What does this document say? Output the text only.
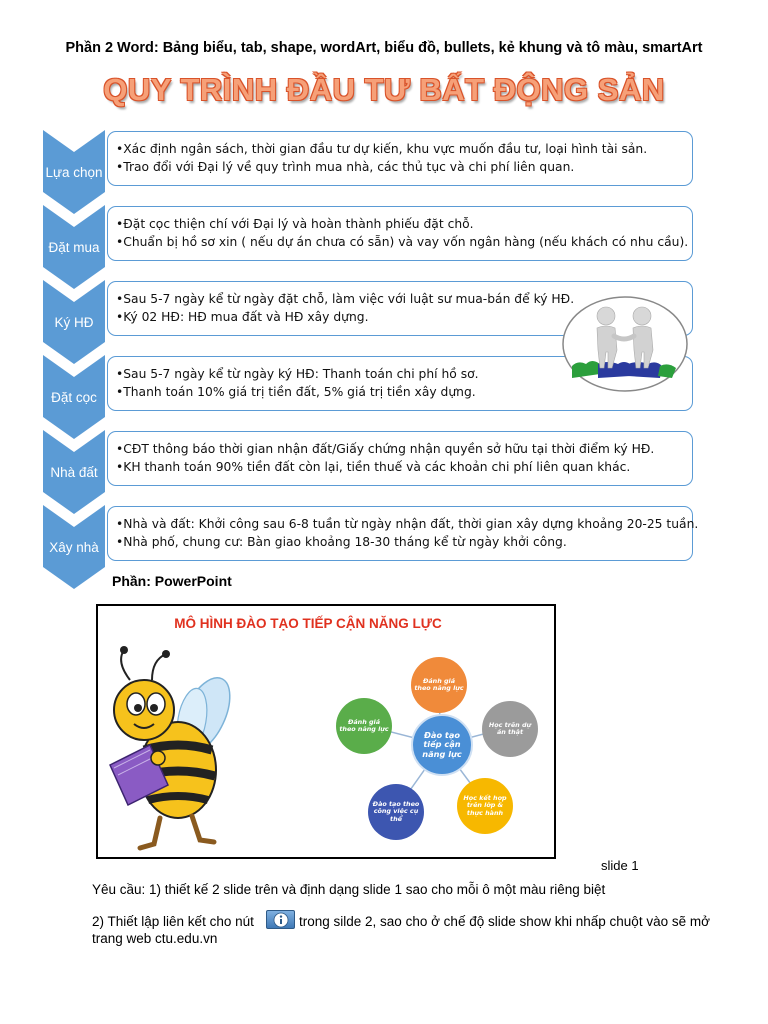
Phần 2 Word: Bảng biểu, tab, shape, wordArt, biểu đồ, bullets, kẻ khung và tô màu, smartArt
QUY TRÌNH ĐẦU TƯ BẤT ĐỘNG SẢN
Lựa chọn
Đặt mua
Ký HĐ
Đặt cọc
Nhà đất
Xây nhà
•Xác định ngân sách, thời gian đầu tư dự kiến, khu vực muốn đầu tư, loại hình tài sản.
•Trao đổi với Đại lý về quy trình mua nhà, các thủ tục và chi phí liên quan.
•Đặt cọc thiện chí với Đại lý và hoàn thành phiếu đặt chỗ.
•Chuẩn bị hồ sơ xin ( nếu dự án chưa có sẵn) và vay vốn ngân hàng (nếu khách có nhu cầu).
•Sau 5-7 ngày kể từ ngày đặt chỗ, làm việc với luật sư mua-bán để ký HĐ.
•Ký 02 HĐ: HĐ mua đất và HĐ xây dựng.
•Sau 5-7 ngày kể từ ngày ký HĐ: Thanh toán chi phí hồ sơ.
•Thanh toán 10% giá trị tiền đất, 5% giá trị tiền xây dựng.
•CĐT thông báo thời gian nhận đất/Giấy chứng nhận quyền sở hữu tại thời điểm ký HĐ.
•KH thanh toán 90% tiền đất còn lại, tiền thuế và các khoản chi phí liên quan khác.
•Nhà và đất: Khởi công sau 6-8 tuần từ ngày nhận đất, thời gian xây dựng khoảng 20-25 tuần.
•Nhà phố, chung cư: Bàn giao khoảng 18-30 tháng kể từ ngày khởi công.
Phần: PowerPoint
MÔ HÌNH ĐÀO TẠO TIẾP CẬN NĂNG LỰC
Đánh giá theo năng lực
Học trên dự án thật
Học kết hợp trên lớp & thực hành
Đào tạo theo công việc cụ thể
Đánh giá theo năng lực
Đào tạo tiếp cận năng lực
slide 1
Yêu cầu: 1) thiết kế 2 slide trên và định dạng slide 1 sao cho mỗi ô một màu riêng biệt
2) Thiết lập liên kết cho nút	trong silde 2, sao cho ở chế độ slide show khi nhấp chuột vào sẽ mở
trang web ctu.edu.vn
